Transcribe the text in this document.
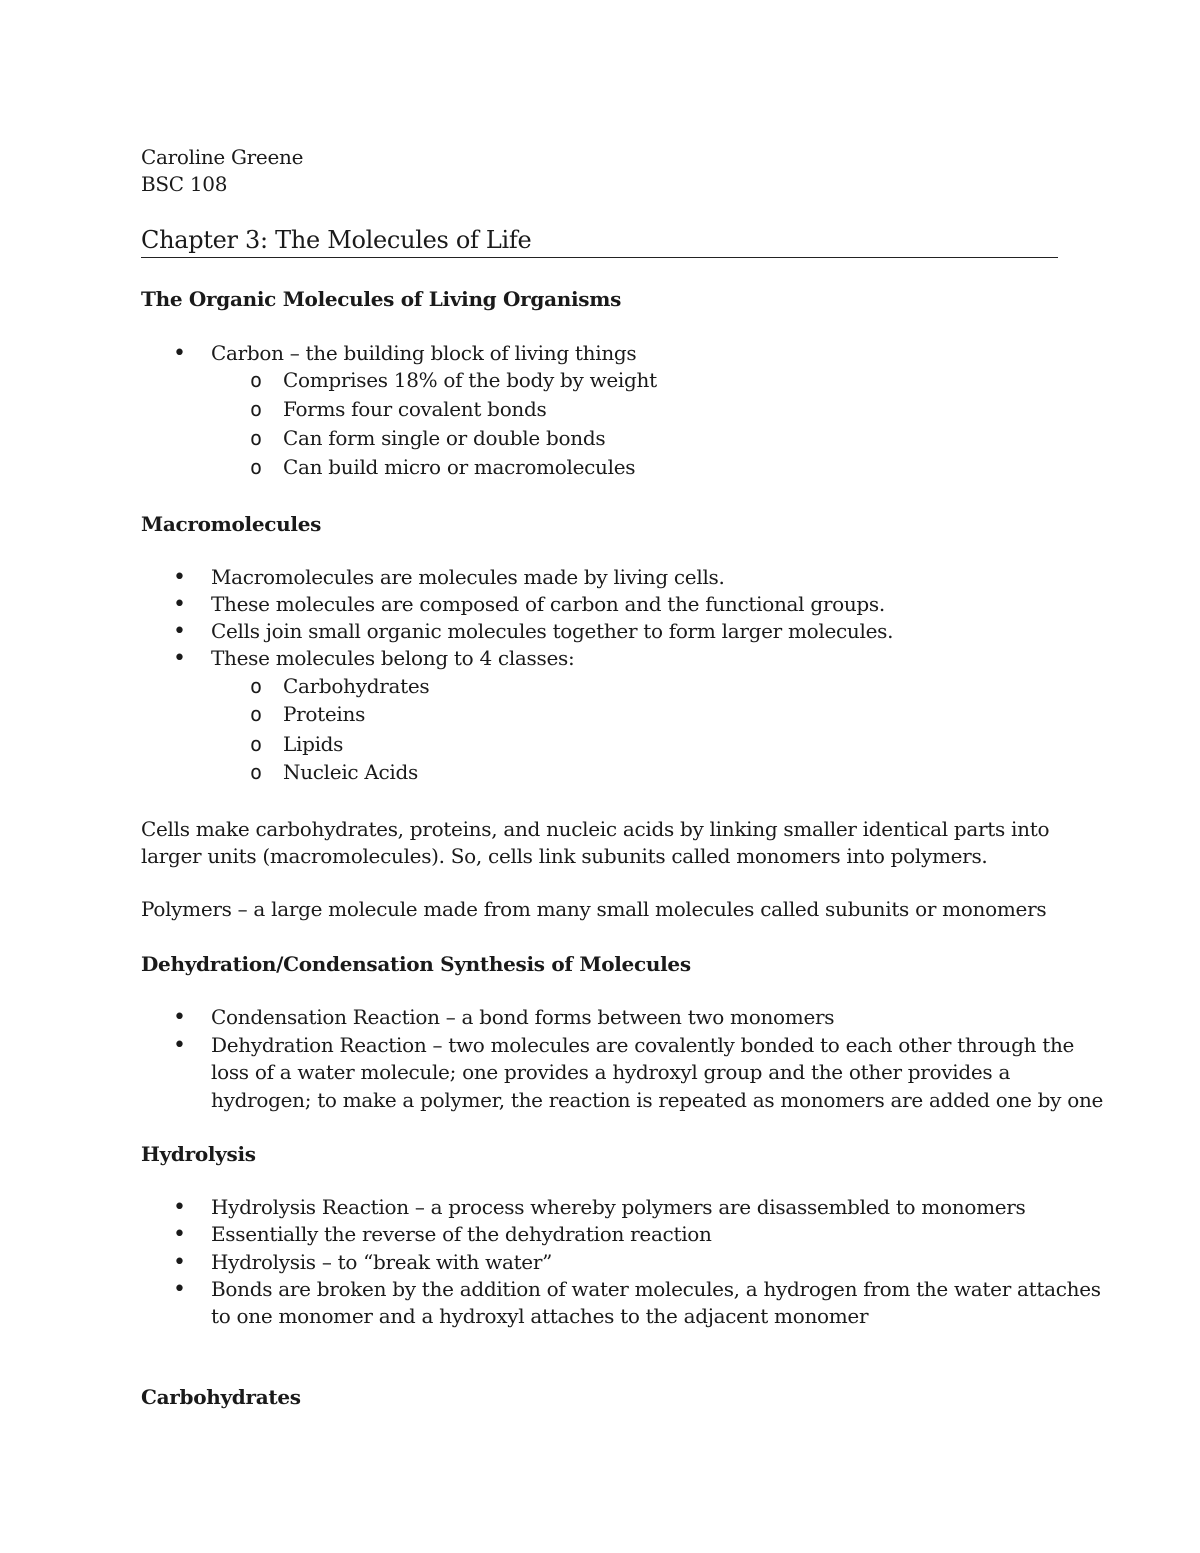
Caroline Greene
BSC 108
Chapter 3: The Molecules of Life
The Organic Molecules of Living Organisms
• Carbon – the building block of living things
o Comprises 18% of the body by weight
o Forms four covalent bonds
o Can form single or double bonds
o Can build micro or macromolecules
Macromolecules
• Macromolecules are molecules made by living cells.
• These molecules are composed of carbon and the functional groups.
• Cells join small organic molecules together to form larger molecules.
• These molecules belong to 4 classes:
o Carbohydrates
o Proteins
o Lipids
o Nucleic Acids
Cells make carbohydrates, proteins, and nucleic acids by linking smaller identical parts into
larger units (macromolecules). So, cells link subunits called monomers into polymers.
Polymers – a large molecule made from many small molecules called subunits or monomers
Dehydration/Condensation Synthesis of Molecules
• Condensation Reaction – a bond forms between two monomers
• Dehydration Reaction – two molecules are covalently bonded to each other through the
loss of a water molecule; one provides a hydroxyl group and the other provides a
hydrogen; to make a polymer, the reaction is repeated as monomers are added one by one
Hydrolysis
• Hydrolysis Reaction – a process whereby polymers are disassembled to monomers
• Essentially the reverse of the dehydration reaction
• Hydrolysis – to “break with water”
• Bonds are broken by the addition of water molecules, a hydrogen from the water attaches
to one monomer and a hydroxyl attaches to the adjacent monomer
Carbohydrates
